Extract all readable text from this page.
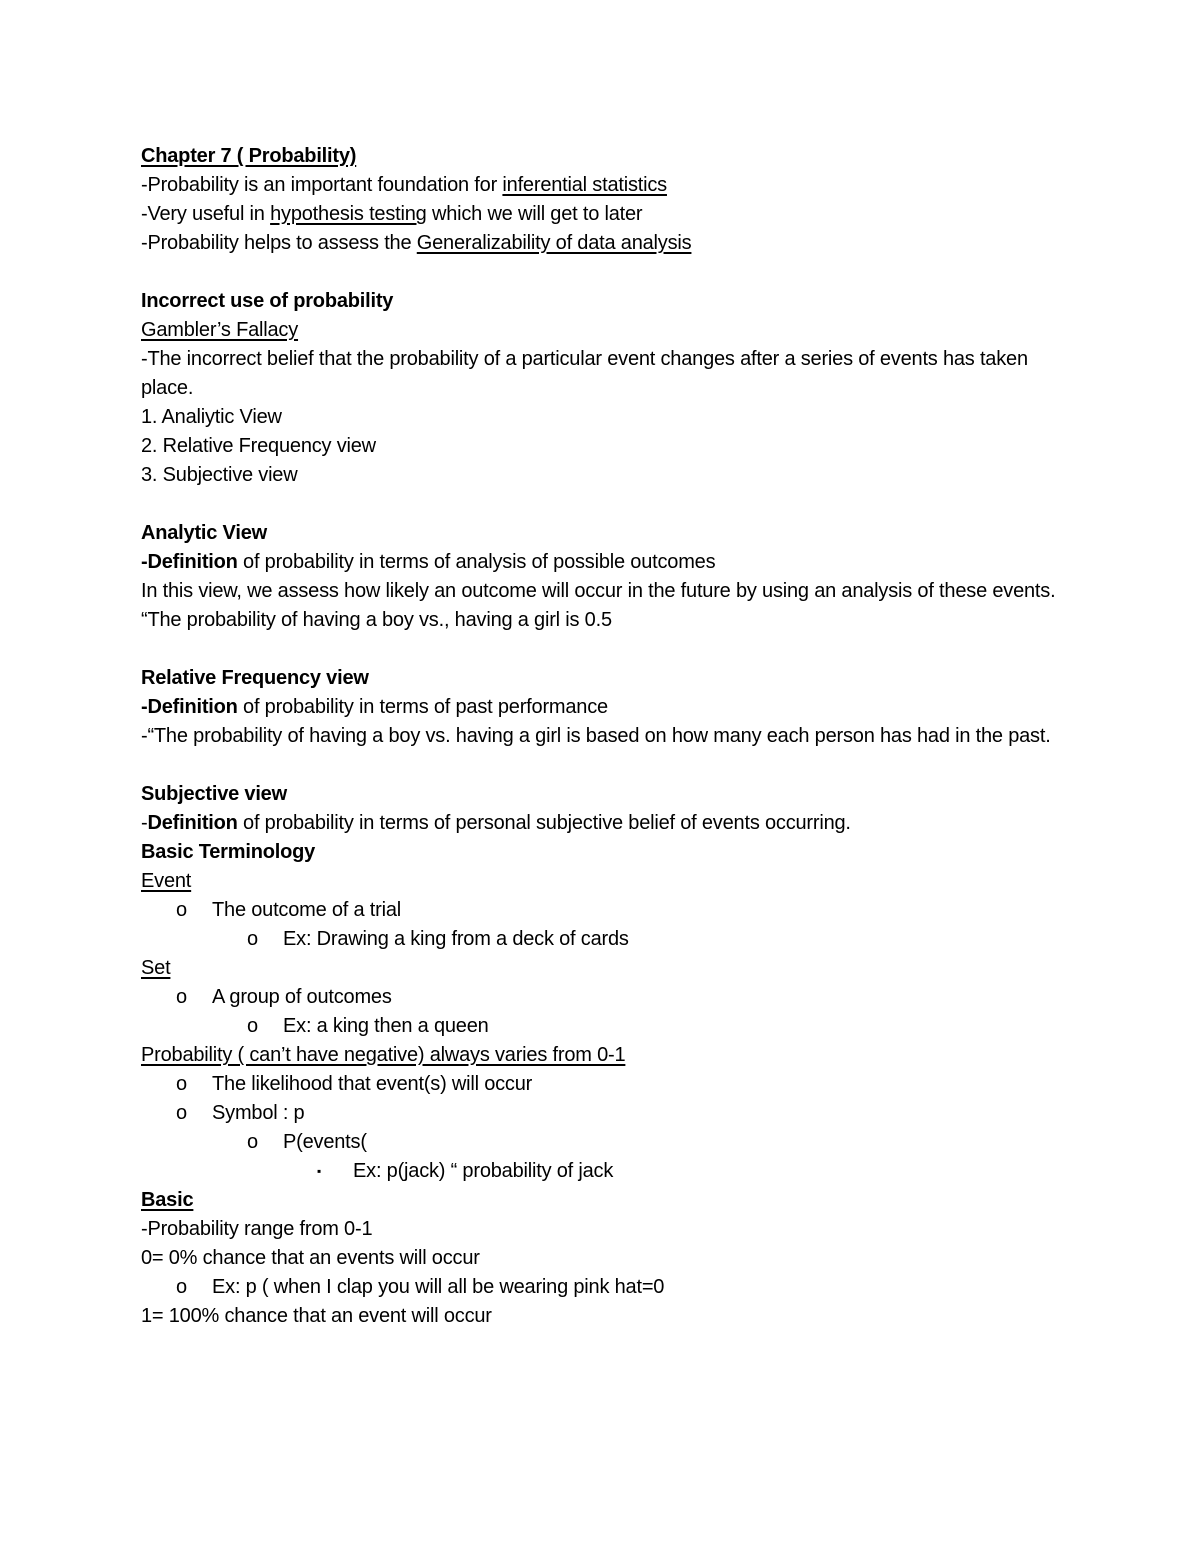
Chapter 7 ( Probability)
-Probability is an important foundation for inferential statistics
-Very useful in hypothesis testing which we will get to later
-Probability helps to assess the Generalizability of data analysis
Incorrect use of probability
Gambler’s Fallacy
-The incorrect belief that the probability of a particular event changes after a series of events has taken place.
1. Analiytic View
2. Relative Frequency view
3. Subjective view
Analytic View
-Definition of probability in terms of analysis of possible outcomes
In this view, we assess how likely an outcome will occur in the future by using an analysis of these events.
“The probability of having a boy vs., having a girl is 0.5
Relative Frequency view
-Definition of probability in terms of past performance
-“The probability of having a boy vs. having a girl is based on how many each person has had in the past.
Subjective view
-Definition of probability in terms of personal subjective belief of events occurring.
Basic Terminology
Event
o	The outcome of a trial
o	Ex: Drawing a king from a deck of cards
Set
o	A group of outcomes
o	Ex: a king then a queen
Probability ( can’t have negative) always varies from 0-1
o	The likelihood that event(s) will occur
o	Symbol : p
o	P(events(
▪	Ex: p(jack) “ probability of jack
Basic
-Probability range from 0-1
0= 0% chance that an events will occur
o	Ex: p ( when I clap you will all be wearing pink hat=0
1= 100% chance that an event will occur
